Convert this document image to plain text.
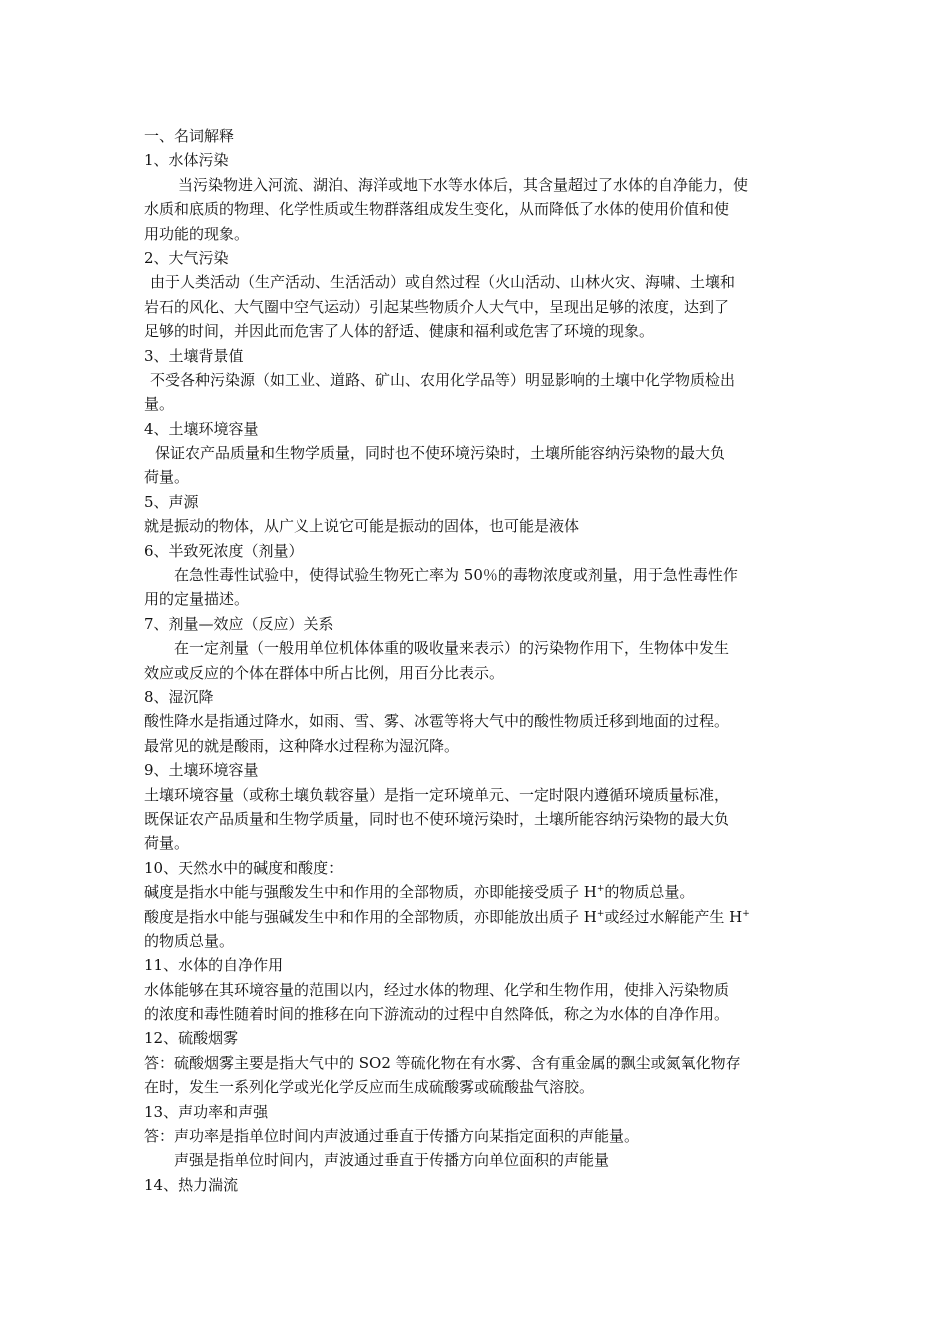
一、名词解释
1、水体污染
当污染物进入河流、湖泊、海洋或地下水等水体后，其含量超过了水体的自净能力，使
水质和底质的物理、化学性质或生物群落组成发生变化，从而降低了水体的使用价值和使
用功能的现象。
2、大气污染
由于人类活动（生产活动、生活活动）或自然过程（火山活动、山林火灾、海啸、土壤和
岩石的风化、大气圈中空气运动）引起某些物质介人大气中，呈现出足够的浓度，达到了
足够的时间，并因此而危害了人体的舒适、健康和福利或危害了环境的现象。
3、土壤背景值
不受各种污染源（如工业、道路、矿山、农用化学品等）明显影响的土壤中化学物质检出
量。
4、土壤环境容量
保证农产品质量和生物学质量，同时也不使环境污染时，土壤所能容纳污染物的最大负
荷量。
5、声源
就是振动的物体，从广义上说它可能是振动的固体，也可能是液体
6、半致死浓度（剂量）
在急性毒性试验中，使得试验生物死亡率为 50％的毒物浓度或剂量，用于急性毒性作
用的定量描述。
7、剂量—效应（反应）关系
在一定剂量（一般用单位机体体重的吸收量来表示）的污染物作用下，生物体中发生
效应或反应的个体在群体中所占比例，用百分比表示。
8、湿沉降
酸性降水是指通过降水，如雨、雪、雾、冰雹等将大气中的酸性物质迁移到地面的过程。
最常见的就是酸雨，这种降水过程称为湿沉降。
9、土壤环境容量
土壤环境容量（或称土壤负载容量）是指一定环境单元、一定时限内遵循环境质量标准，
既保证农产品质量和生物学质量，同时也不使环境污染时，土壤所能容纳污染物的最大负
荷量。
10、天然水中的碱度和酸度：
碱度是指水中能与强酸发生中和作用的全部物质，亦即能接受质子 H+的物质总量。
酸度是指水中能与强碱发生中和作用的全部物质，亦即能放出质子 H+或经过水解能产生 H+
的物质总量。
11、水体的自净作用
水体能够在其环境容量的范围以内，经过水体的物理、化学和生物作用，使排入污染物质
的浓度和毒性随着时间的推移在向下游流动的过程中自然降低，称之为水体的自净作用。
12、硫酸烟雾
答：硫酸烟雾主要是指大气中的 SO2 等硫化物在有水雾、含有重金属的飘尘或氮氧化物存
在时，发生一系列化学或光化学反应而生成硫酸雾或硫酸盐气溶胶。
13、声功率和声强
答：声功率是指单位时间内声波通过垂直于传播方向某指定面积的声能量。
声强是指单位时间内，声波通过垂直于传播方向单位面积的声能量
14、热力湍流
